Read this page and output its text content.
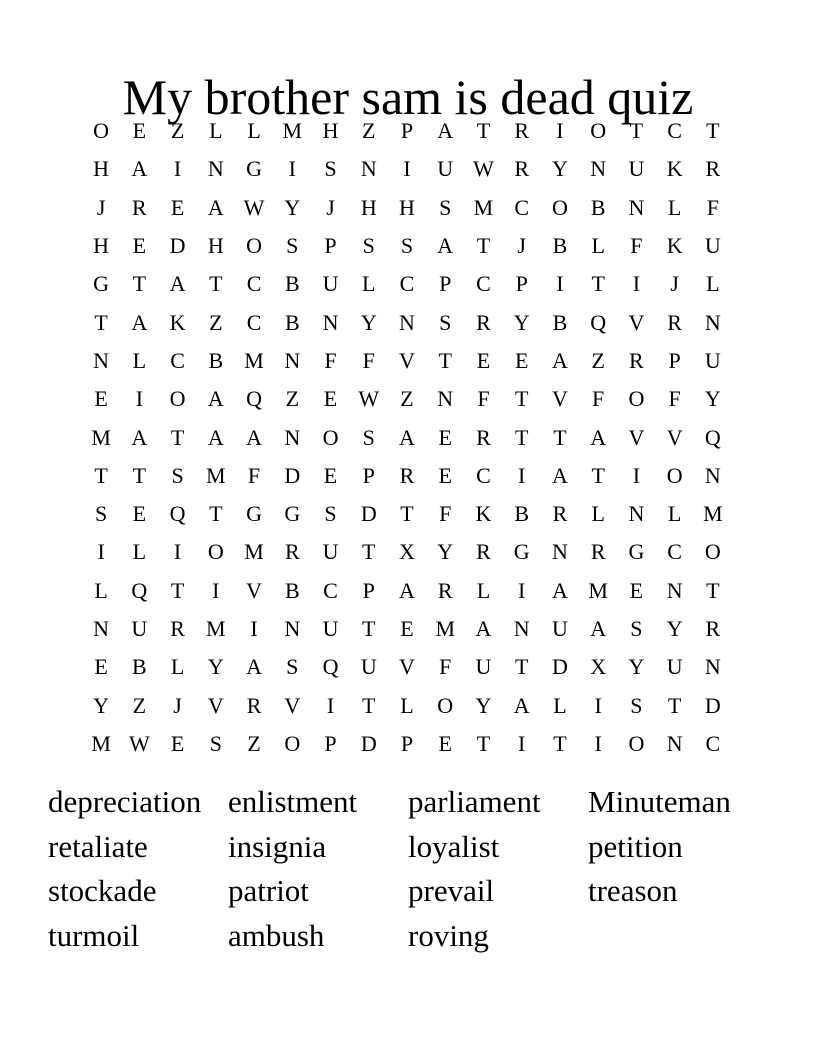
My brother sam is dead quiz
O	E	Z	L	L M H	Z	P	A	T	R	I	O	T	C	T
H	A	I	N	G	I	S	N	I	U W R	Y	N	U	K	R
J	R	E	A W Y	J	H	H	S	M C	O	B	N	L	F
H	E	D	H	O	S	P	S	S	A	T	J	B	L	F	K	U
G	T	A	T	C	B	U	L	C	P	C	P	I	T	I	J	L
T	A	K	Z	C	B	N	Y	N	S	R	Y	B	Q	V	R	N
N	L	C	B M N	F	F	V	T	E	E	A	Z	R	P	U
E	I	O	A	Q	Z	E W Z	N	F	T	V	F	O	F	Y
M A	T	A	A	N	O	S	A	E	R	T	T	A	V	V	Q
T	T	S	M	F	D	E	P	R	E	C	I	A	T	I	O	N
S	E	Q	T	G	G	S	D	T	F	K	B	R	L	N	L M
I	L	I	O M R	U	T	X	Y	R	G	N	R	G	C	O
L	Q	T	I	V	B	C	P	A	R	L	I	A M E	N	T
N	U	R M	I	N	U	T	E M A	N	U	A	S	Y	R
E	B	L	Y	A	S	Q	U	V	F	U	T	D	X	Y	U	N
Y	Z	J	V	R	V	I	T	L	O	Y	A	L	I	S	T	D
M W E	S	Z	O	P	D	P	E	T	I	T	I	O	N	C
depreciation enlistment	parliament	Minuteman
retaliate	insignia	loyalist	petition
stockade	patriot	prevail	treason
turmoil	ambush	roving
